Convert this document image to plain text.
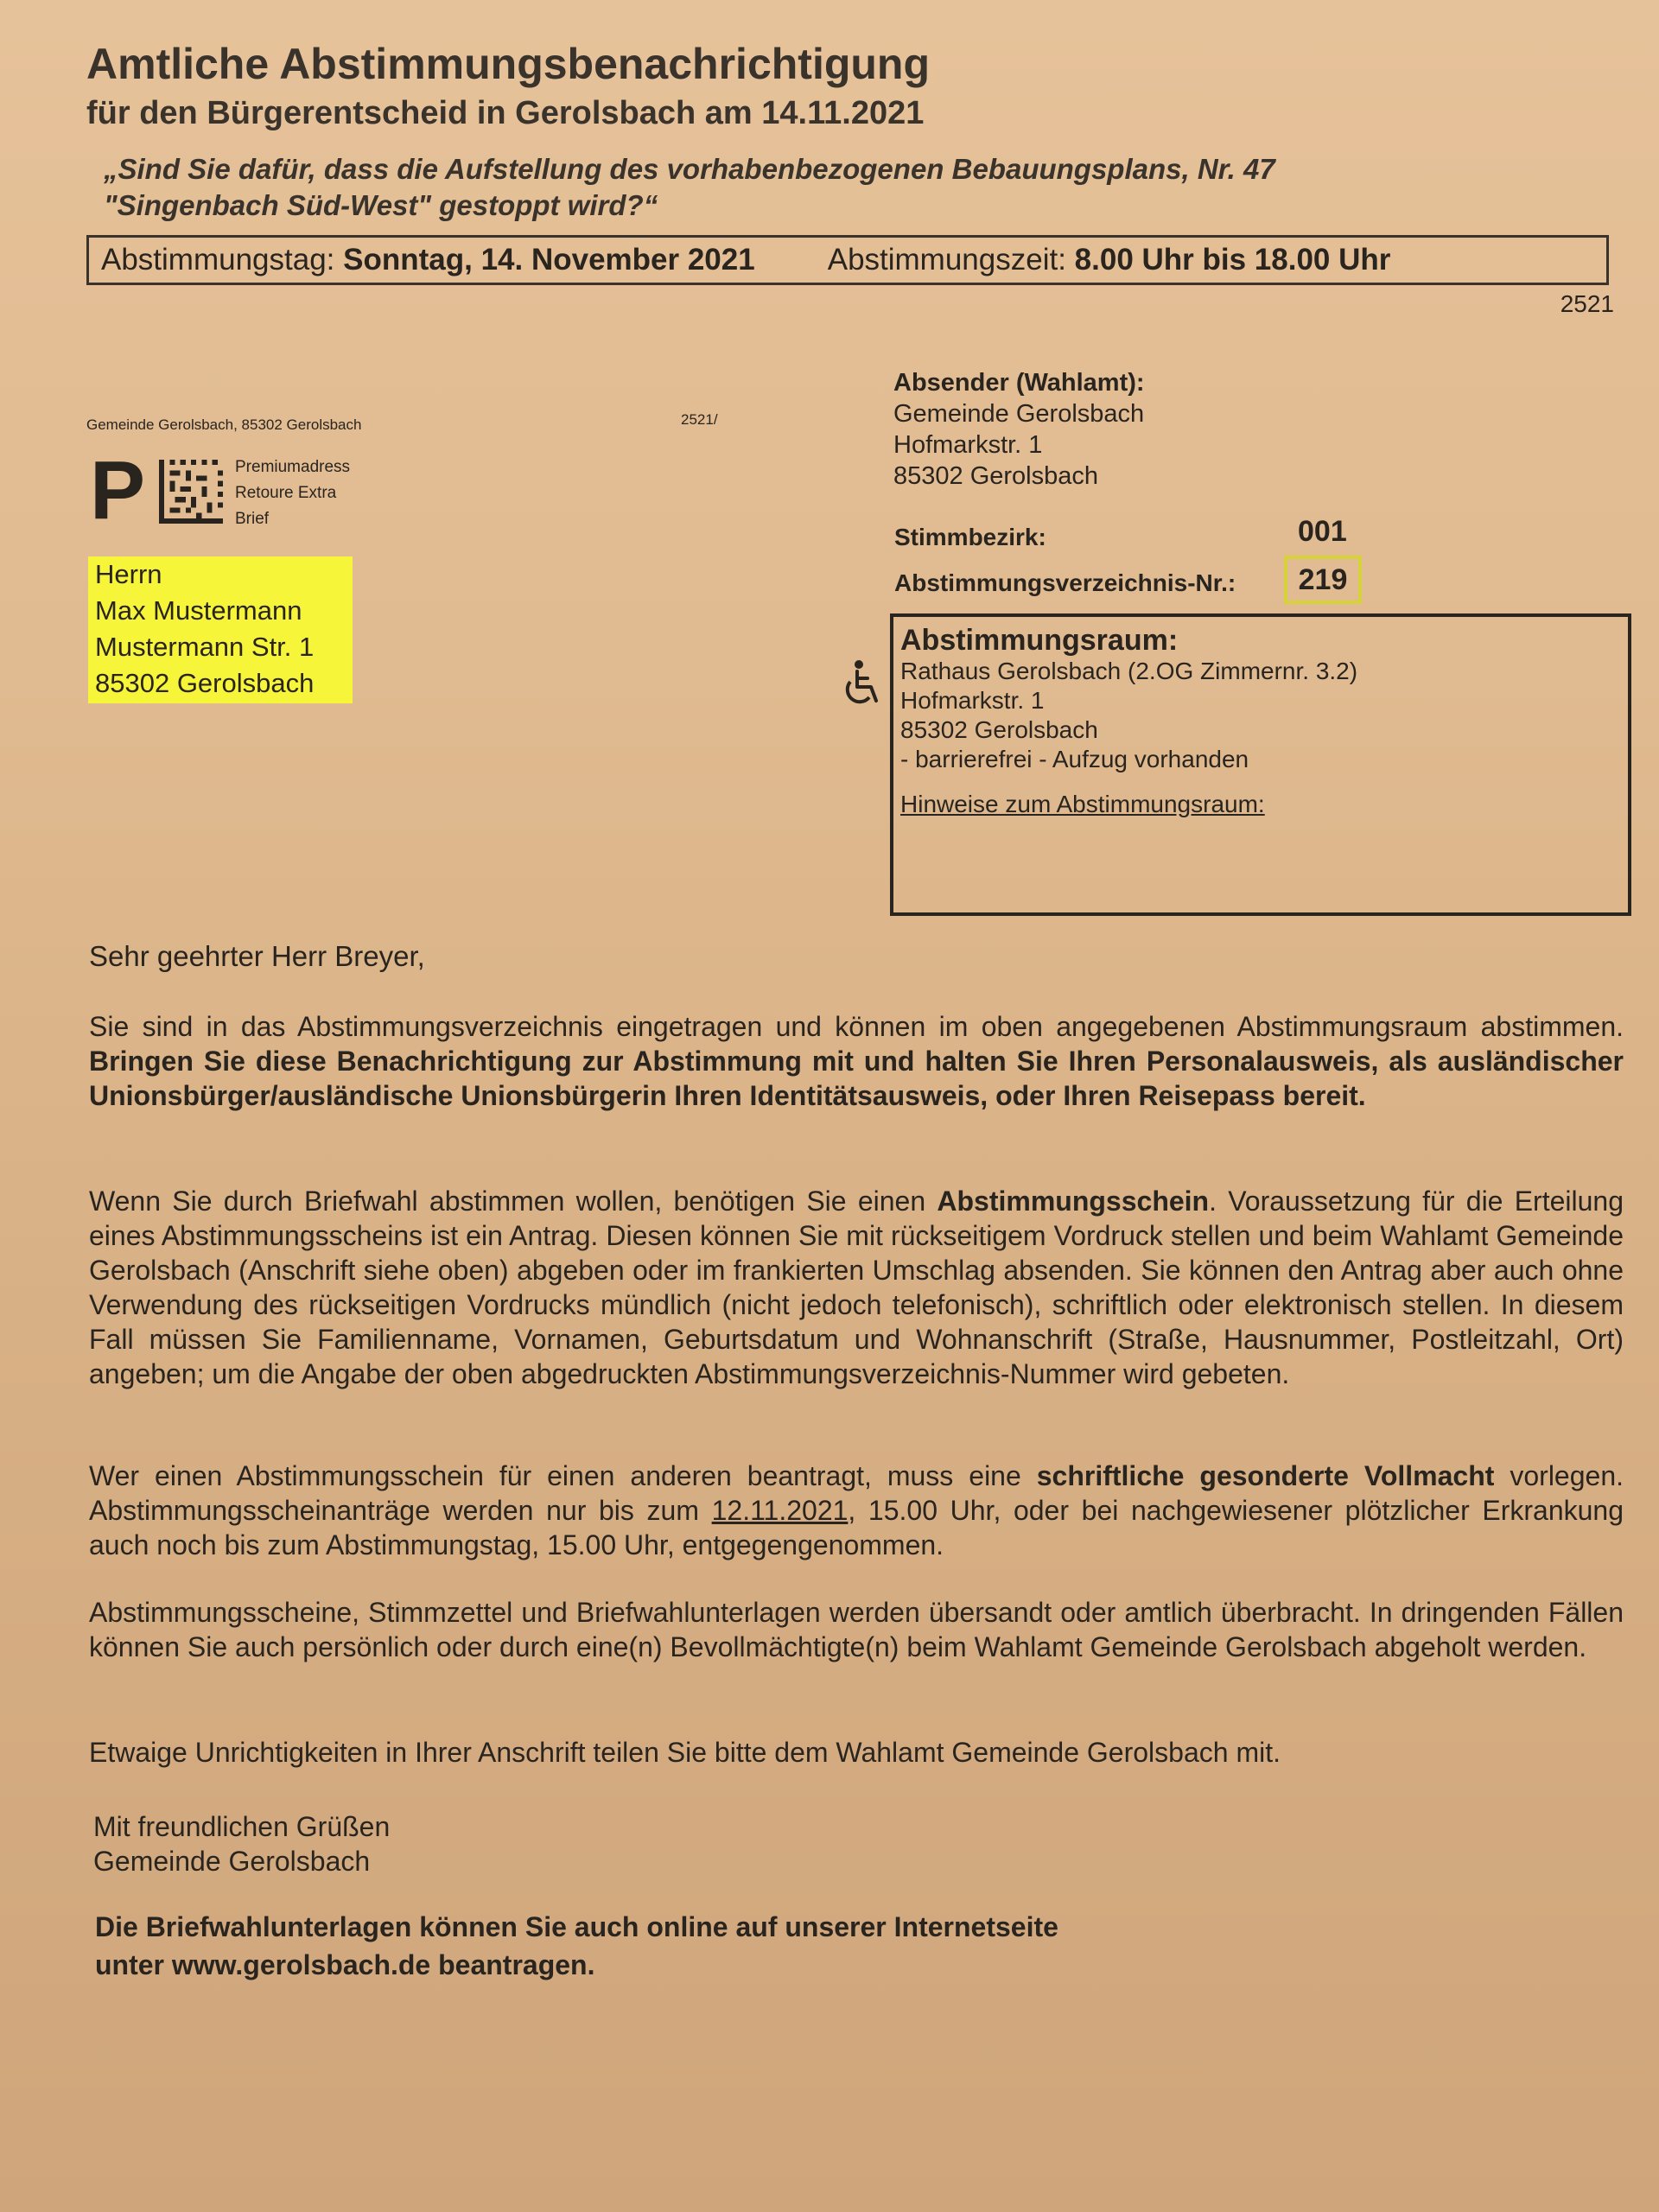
Amtliche Abstimmungsbenachrichtigung
für den Bürgerentscheid in Gerolsbach am 14.11.2021
„Sind Sie dafür, dass die Aufstellung des vorhabenbezogenen Bebauungsplans, Nr. 47
"Singenbach Süd-West" gestoppt wird?“
Abstimmungstag:
Sonntag, 14. November 2021 Abstimmungszeit: 8.00 Uhr bis 18.00 Uhr
2521
Gemeinde Gerolsbach, 85302 Gerolsbach	2521/
P	Premiumadress
Retoure Extra
Brief
Herrn
Max Mustermann
Mustermann Str. 1
85302 Gerolsbach
Absender (Wahlamt):
Gemeinde Gerolsbach
Hofmarkstr. 1
85302 Gerolsbach
Stimmbezirk:	001
Abstimmungsverzeichnis-Nr.:	219
Abstimmungsraum:
Rathaus Gerolsbach (2.OG Zimmernr. 3.2)
Hofmarkstr. 1
85302 Gerolsbach
- barrierefrei - Aufzug vorhanden
Hinweise zum Abstimmungsraum:
Sehr geehrter Herr Breyer,
Sie sind in das Abstimmungsverzeichnis eingetragen und können im oben angegebenen Abstimmungsraum abstimmen. Bringen Sie diese Benachrichtigung zur Abstimmung mit und halten Sie Ihren Personalausweis, als ausländischer Unionsbürger/ausländische Unionsbürgerin Ihren Identitätsausweis, oder Ihren Reisepass bereit.
Wenn Sie durch Briefwahl abstimmen wollen, benötigen Sie einen Abstimmungsschein. Voraussetzung für die Erteilung eines Abstimmungsscheins ist ein Antrag. Diesen können Sie mit rückseitigem Vordruck stellen und beim Wahlamt Gemeinde Gerolsbach (Anschrift siehe oben) abgeben oder im frankierten Umschlag absenden. Sie können den Antrag aber auch ohne Verwendung des rückseitigen Vordrucks mündlich (nicht jedoch telefonisch), schriftlich oder elektronisch stellen. In diesem Fall müssen Sie Familienname, Vornamen, Geburtsdatum und Wohnanschrift (Straße, Hausnummer, Postleitzahl, Ort) angeben; um die Angabe der oben abgedruckten Abstimmungsverzeichnis-Nummer wird gebeten.
Wer einen Abstimmungsschein für einen anderen beantragt, muss eine schriftliche gesonderte Vollmacht vorlegen. Abstimmungsscheinanträge werden nur bis zum 12.11.2021, 15.00 Uhr, oder bei nachgewiesener plötzlicher Erkrankung auch noch bis zum Abstimmungstag, 15.00 Uhr, entgegengenommen.
Abstimmungsscheine, Stimmzettel und Briefwahlunterlagen werden übersandt oder amtlich überbracht. In dringenden Fällen können Sie auch persönlich oder durch eine(n) Bevollmächtigte(n) beim Wahlamt Gemeinde Gerolsbach abgeholt werden.
Etwaige Unrichtigkeiten in Ihrer Anschrift teilen Sie bitte dem Wahlamt Gemeinde Gerolsbach mit.
Mit freundlichen Grüßen
Gemeinde Gerolsbach
Die Briefwahlunterlagen können Sie auch online auf unserer Internetseite
unter www.gerolsbach.de beantragen.
